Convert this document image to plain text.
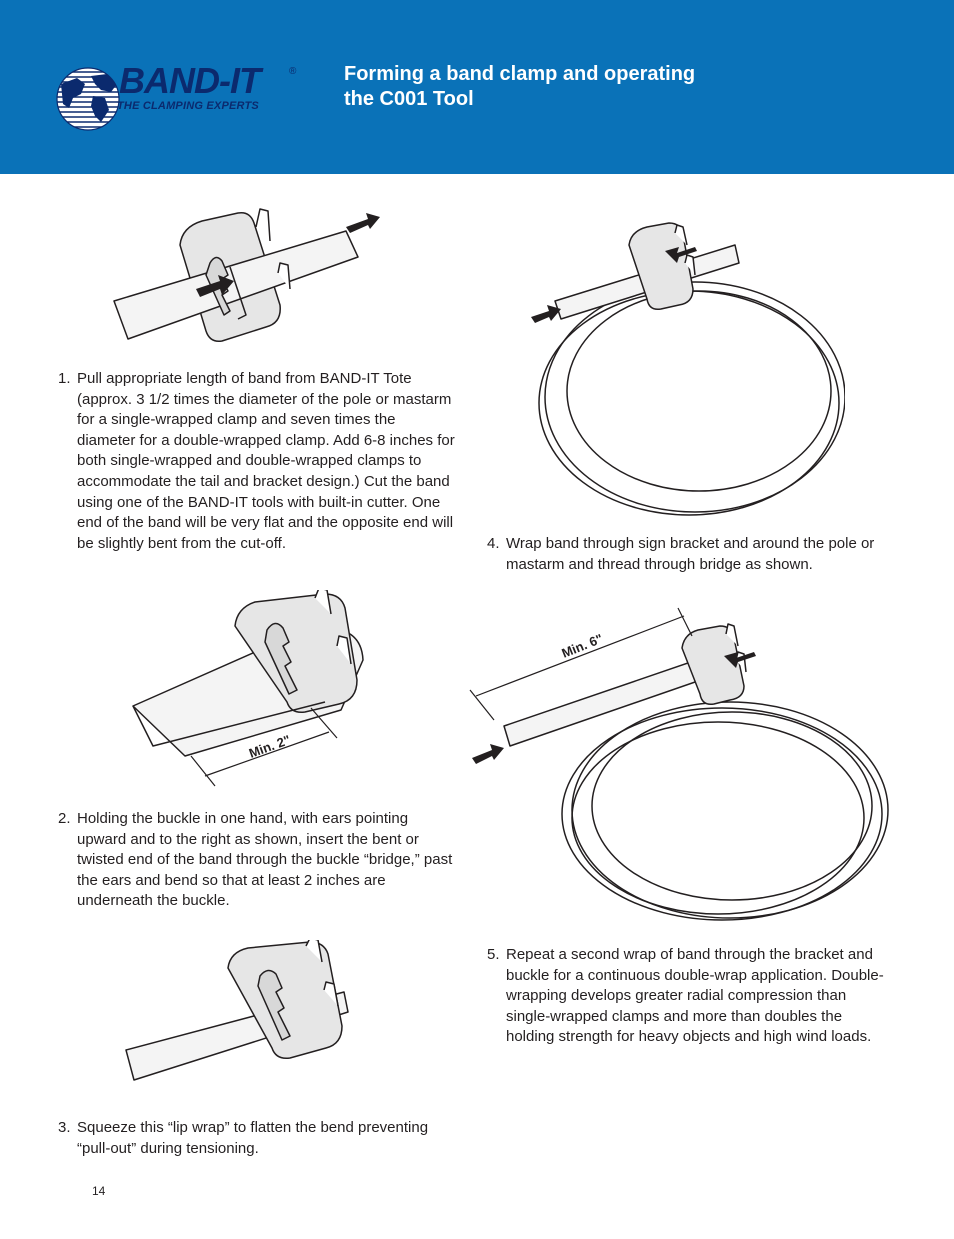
BAND-IT	®
THE CLAMPING EXPERTS
Forming a band clamp and operating
the C001 Tool
1. Pull appropriate length of band from BAND-IT Tote (approx. 3 1/2 times the diameter of the pole or mastarm for a single-wrapped clamp and seven times the diameter for a double-wrapped clamp. Add 6-8 inches for both single-wrapped and double-wrapped clamps to accommodate the tail and bracket design.) Cut the band using one of the BAND-IT tools with built-in cutter. One end of the band will be very flat and the opposite end will be slightly bent from the cut-off.
Min. 2"
2. Holding the buckle in one hand, with ears pointing upward and to the right as shown, insert the bent or twisted end of the band through the buckle “bridge,” past the ears and bend so that at least 2 inches are underneath the buckle.
3. Squeeze this “lip wrap” to flatten the bend preventing “pull-out” during tensioning.
4. Wrap band through sign bracket and around the pole or mastarm and thread through bridge as shown.
Min. 6"
5. Repeat a second wrap of band through the bracket and buckle for a continuous double-wrap application. Double-wrapping develops greater radial compression than single-wrapped clamps and more than doubles the holding strength for heavy objects and high wind loads.
14
